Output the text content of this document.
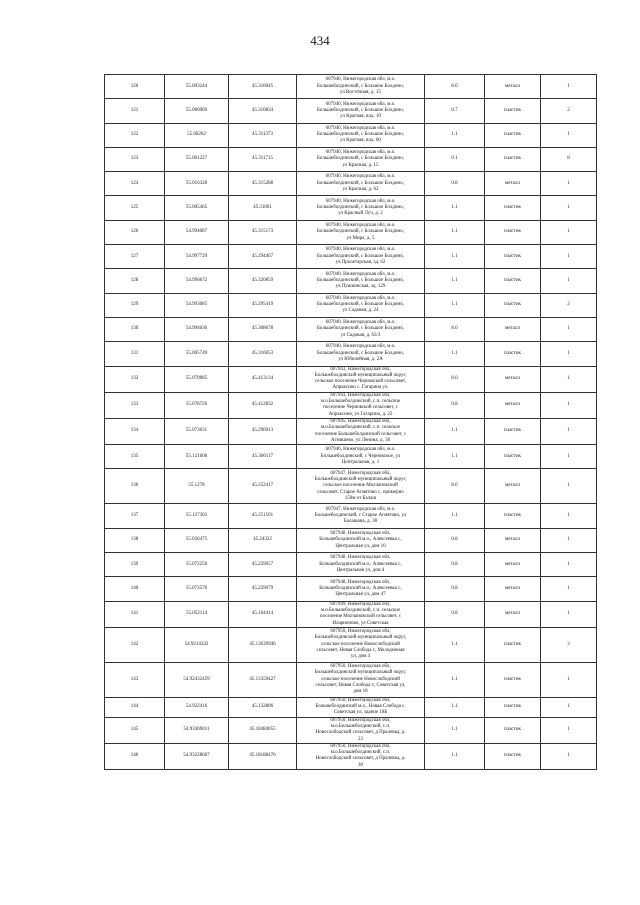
434
120	55.003244	45.316045	607940, Нижегородская обл, м.о.
Большеболдинский, с Большое Болдино,
ул Восточная, д. 15	8.0	металл	1
121	55.006069	45.310834	607940, Нижегородская обл, м.о.
Большеболдинский, с Большое Болдино,
ул Красная, влд. 10	0.7	пластик	2
122	55.00262	45.311373	607940, Нижегородская обл, м.о.
Большеболдинский, с Большое Болдино,
ул Красная, влд. 60	1.1	пластик	1
123	55.001227	45.311715	607940, Нижегородская обл, м.о.
Большеболдинский, с Большое Болдино,
ул Красная, д. 15	0.1	пластик	8
124	55.016328	45.315288	607940, Нижегородская обл, м.о.
Большеболдинский, с Большое Болдино,
ул Красная, д. 62	0.8	металл	1
125	55.005465	45.31061	607940, Нижегородская обл, м.о.
Большеболдинский, с Большое Болдино,
ул Красный Луч, д. 2	1.1	пластик	1
126	54.994087	45.315173	607940, Нижегородская обл, м.о.
Большеболдинский, с Большое Болдино,
ул Мира, д. 5	1.1	пластик	1
127	54.997729	45.294467	607940, Нижегородская обл, м.о.
Большеболдинский, с Большое Болдино,
ул Пролетарская, зд. 62	1.1	пластик	1
128	54.996672	45.320859	607940, Нижегородская обл, м.о.
Большеболдинский, с Большое Болдино,
ул Пушкинская, зд. 129	1.1	пластик	1
129	54.993685	45.295419	607940, Нижегородская обл, м.о.
Большеболдинский, с Большое Болдино,
ул Садовая, д. 24	1.1	пластик	2
130	54.994636	45.308678	607940, Нижегородская обл, м.о.
Большеболдинский, с Большое Болдино,
ул Садовая, д. 63/3	8.0	металл	1
131	55.005749	45.316053	607940, Нижегородская обл, м.о.
Большеболдинский, с Большое Болдино,
ул Юбилейная, д. 2А	1.1	пластик	1
132	55.079885	45.413134	607943, Нижегородская обл,
Большеболдинский муниципальный округ,
сельское поселение Черновской сельсовет,
Апраксино с. Гагарина ул.	8.0	металл	1
133	55.078726	45.412832	607943, Нижегородская обл,
м.о.Большеболдинский, с.п. сельское
поселение Черновской сельсовет, с
Апраксино, ул Гагарина, д. 22	0.8	металл	1
134	55.073631	45.296913	607945, Нижегородская обл,
м.о.Большеболдинский, с.п. сельское
поселение Большеболдинский сельсовет, с
Агмишево, ул Ленина, д. 36	1.1	пластик	1
135	55.121608	45.366117	607946, Нижегородская обл, м.о.
Большеболдинский, с Черновское, ул
Центральная, д. 1	1.1	пластик	1
136	55.1278	45.252417	607947, Нижегородская обл,
Большеболдинский муниципальный округ,
сельское поселение Молчановский
сельсовет, Старое Агмятово с. примерно
150м от Балаш	8.0	металл	1
137	55.127303	45.251501	607947, Нижегородская обл, м.о.
Большеболдинский, с Старое Агмятово, ул
Балашова, д. 38	1.1	пластик	1
138	55.036475	45.24322	607948, Нижегородская обл,
Большеболдинский м.о., Алексеевка с,
Центральная ул, дом 10	0.8	металл	1
139	55.072256	45.229057	607948, Нижегородская обл,
Большеболдинский м.о., Алексеевка с,
Центральная ул, дом 4	0.8	металл	1
140	55.073576	45.229079	607948, Нижегородская обл,
Большеболдинский м.о., Алексеевка с,
Центральная ул, дом 47	0.8	металл	1
141	55.052114	45.164414	607949, Нижегородская обл,
м.о.Большеболдинский, с.п. сельское
поселение Молчановский сельсовет, с
Иларионово, ул Советская	0.8	металл	1
142	54.9214342	45.13639946	607950, Нижегородская обл,
Большеболдинский муниципальный округ,
сельское поселение Новослободский
сельсовет, Новая Слобода с, Молодежная
ул, дом 4	1.1	пластик	3
143	54.92432459	45.13359427	607950, Нижегородская обл,
Большеболдинский муниципальный округ,
сельское поселение Новослободский
сельсовет, Новая Слобода с, Советская ул,
дом 18	1.1	пластик	1
144	54.922416	45.132806	607950, Нижегородская обл,
Большеболдинский м.о., Новая Слобода с,
Советская ул, здание 18Б	1.1	пластик	1
145	54.93369011	45.18484055	607950, Нижегородская обл,
м.о.Большеболдинский, с.п.
Новослободский сельсовет, д Пралевка, д.
23	1.1	пластик	1
146	54.93228667	45.18188476	607950, Нижегородская обл,
м.о.Большеболдинский, с.п.
Новослободский сельсовет, д Пралевка, д.
30	1.1	пластик	1
